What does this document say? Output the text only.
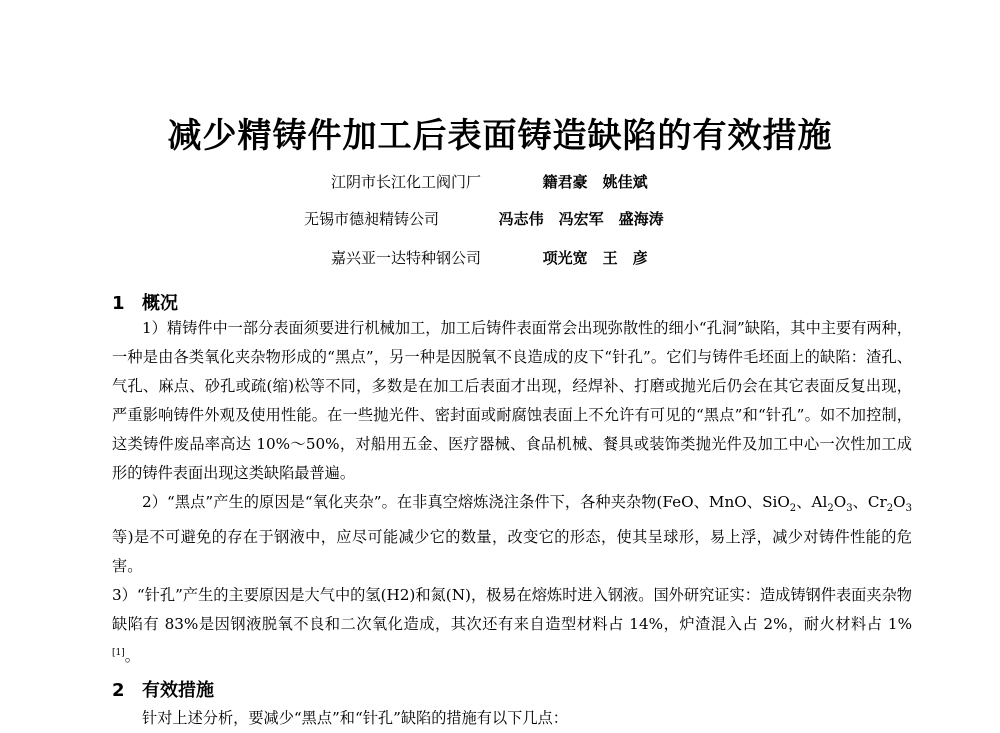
减少精铸件加工后表面铸造缺陷的有效措施
江阴市长江化工阀门厂	籍君豪　姚佳斌
无锡市德昶精铸公司	冯志伟　冯宏军　盛海涛
嘉兴亚一达特种钢公司	项光宽　王　彦
1 概况

1）精铸件中一部分表面须要进行机械加工，加工后铸件表面常会出现弥散性的细小“孔洞”缺陷，其中主要有两种，一种是由各类氧化夹杂物形成的“黑点”，另一种是因脱氧不良造成的皮下“针孔”。它们与铸件毛坯面上的缺陷：渣孔、气孔、麻点、砂孔或疏(缩)松等不同，多数是在加工后表面才出现，经焊补、打磨或抛光后仍会在其它表面反复出现，严重影响铸件外观及使用性能。在一些抛光件、密封面或耐腐蚀表面上不允许有可见的“黑点”和“针孔”。如不加控制，这类铸件废品率高达 10%～50%，对船用五金、医疗器械、食品机械、餐具或装饰类抛光件及加工中心一次性加工成形的铸件表面出现这类缺陷最普遍。

2）“黑点”产生的原因是“氧化夹杂”。在非真空熔炼浇注条件下，各种夹杂物(FeO、MnO、SiO$_2$、$Al_2O_3$、$Cr_2O_3$等)是不可避免的存在于钢液中，应尽可能减少它的数量，改变它的形态，使其呈球形，易上浮，减少对铸件性能的危害。

3）“针孔”产生的主要原因是大气中的氢(H2)和氮(N)，极易在熔炼时进入钢液。国外研究证实：造成铸钢件表面夹杂物缺陷有 83%是因钢液脱氧不良和二次氧化造成，其次还有来自造型材料占 14%，炉渣混入占 2%，耐火材料占 1%[1]。

2 有效措施

针对上述分析，要减少“黑点”和“针孔”缺陷的措施有以下几点：
